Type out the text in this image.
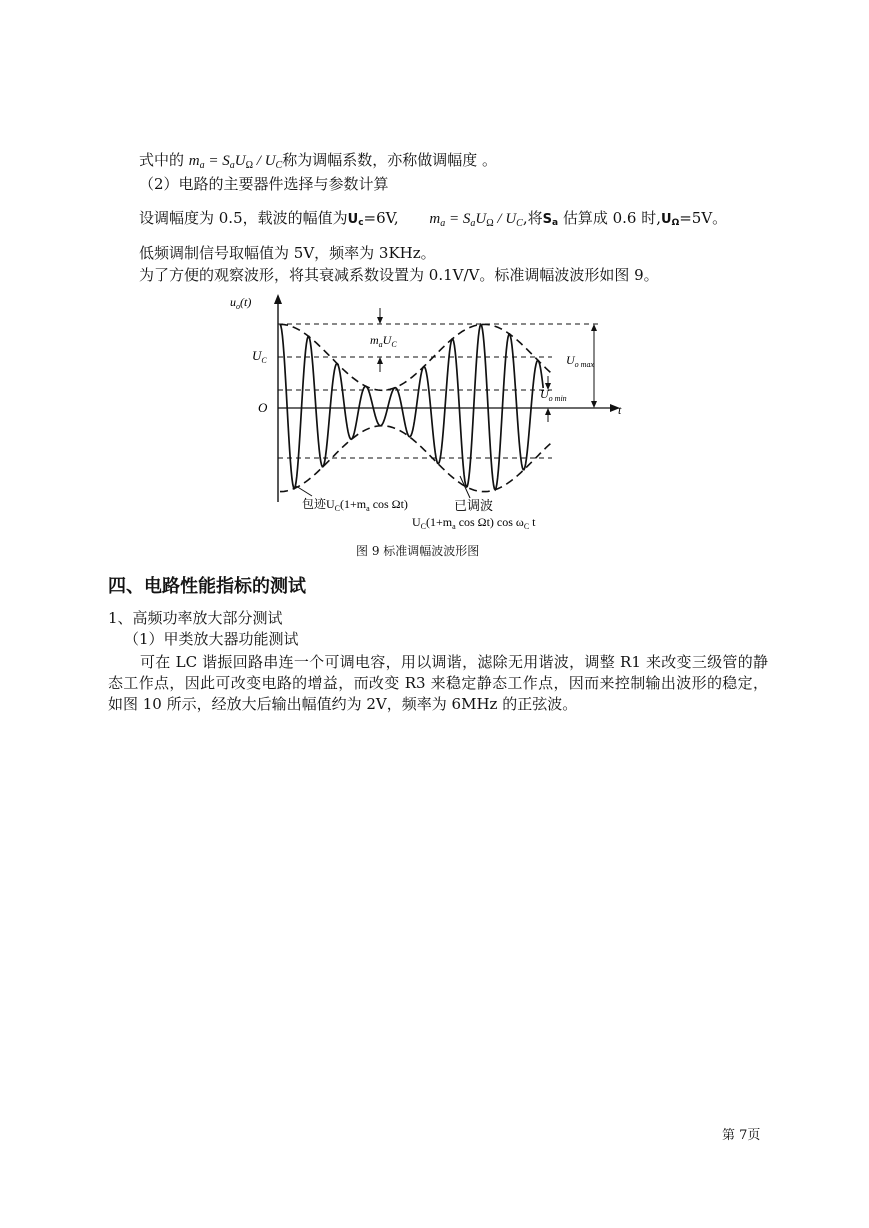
式中的 $m_a = S_aU_\Omega / U_C$称为调幅系数，亦称做调幅度 。
（2）电路的主要器件选择与参数计算
设调幅度为 0.5，载波的幅值为Uc=6V, $m_a = S_aU_\Omega / U_C$,将Sa 估算成 0.6 时,UΩ=5V。
低频调制信号取幅值为 5V，频率为 3KHz。
为了方便的观察波形，将其衰减系数设置为 0.1V/V。标准调幅波波形如图 9。
$u_o(t)$
$U_C$
O	t
$m_aU_C$
$U_{o max}$
$U_{o min}$
包迹$U_C(1+m_a$ cos Ωt)	已调波
$U_C(1+m_a$ cos Ωt) $\cos \omega_C$ t
图 9 标准调幅波波形图
四、电路性能指标的测试
1、高频功率放大部分测试
（1）甲类放大器功能测试
可在 LC 谐振回路串连一个可调电容，用以调谐，滤除无用谐波，调整 R1 来改变三级管的静态工作点，因此可改变电路的增益，而改变 R3 来稳定静态工作点，因而来控制输出波形的稳定，如图 10 所示，经放大后输出幅值约为 2V，频率为 6MHz 的正弦波。
第 7页
